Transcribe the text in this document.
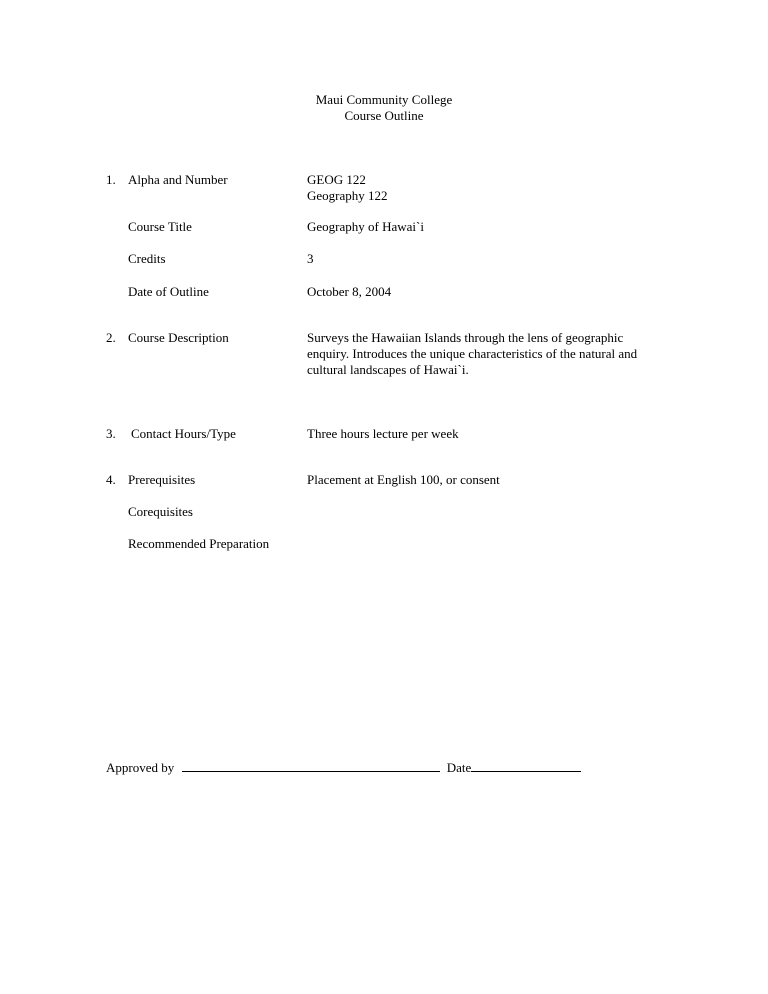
Maui Community College
Course Outline
1. Alpha and Number	GEOG 122
Geography 122
Course Title	Geography of Hawai`i
Credits	3
Date of Outline	October 8, 2004
2. Course Description	Surveys the Hawaiian Islands through the lens of geographic enquiry. Introduces the unique characteristics of the natural and cultural landscapes of Hawai`i.
3. Contact Hours/Type	Three hours lecture per week
4. Prerequisites	Placement at English 100, or consent
Corequisites
Recommended Preparation
Approved by	Date
